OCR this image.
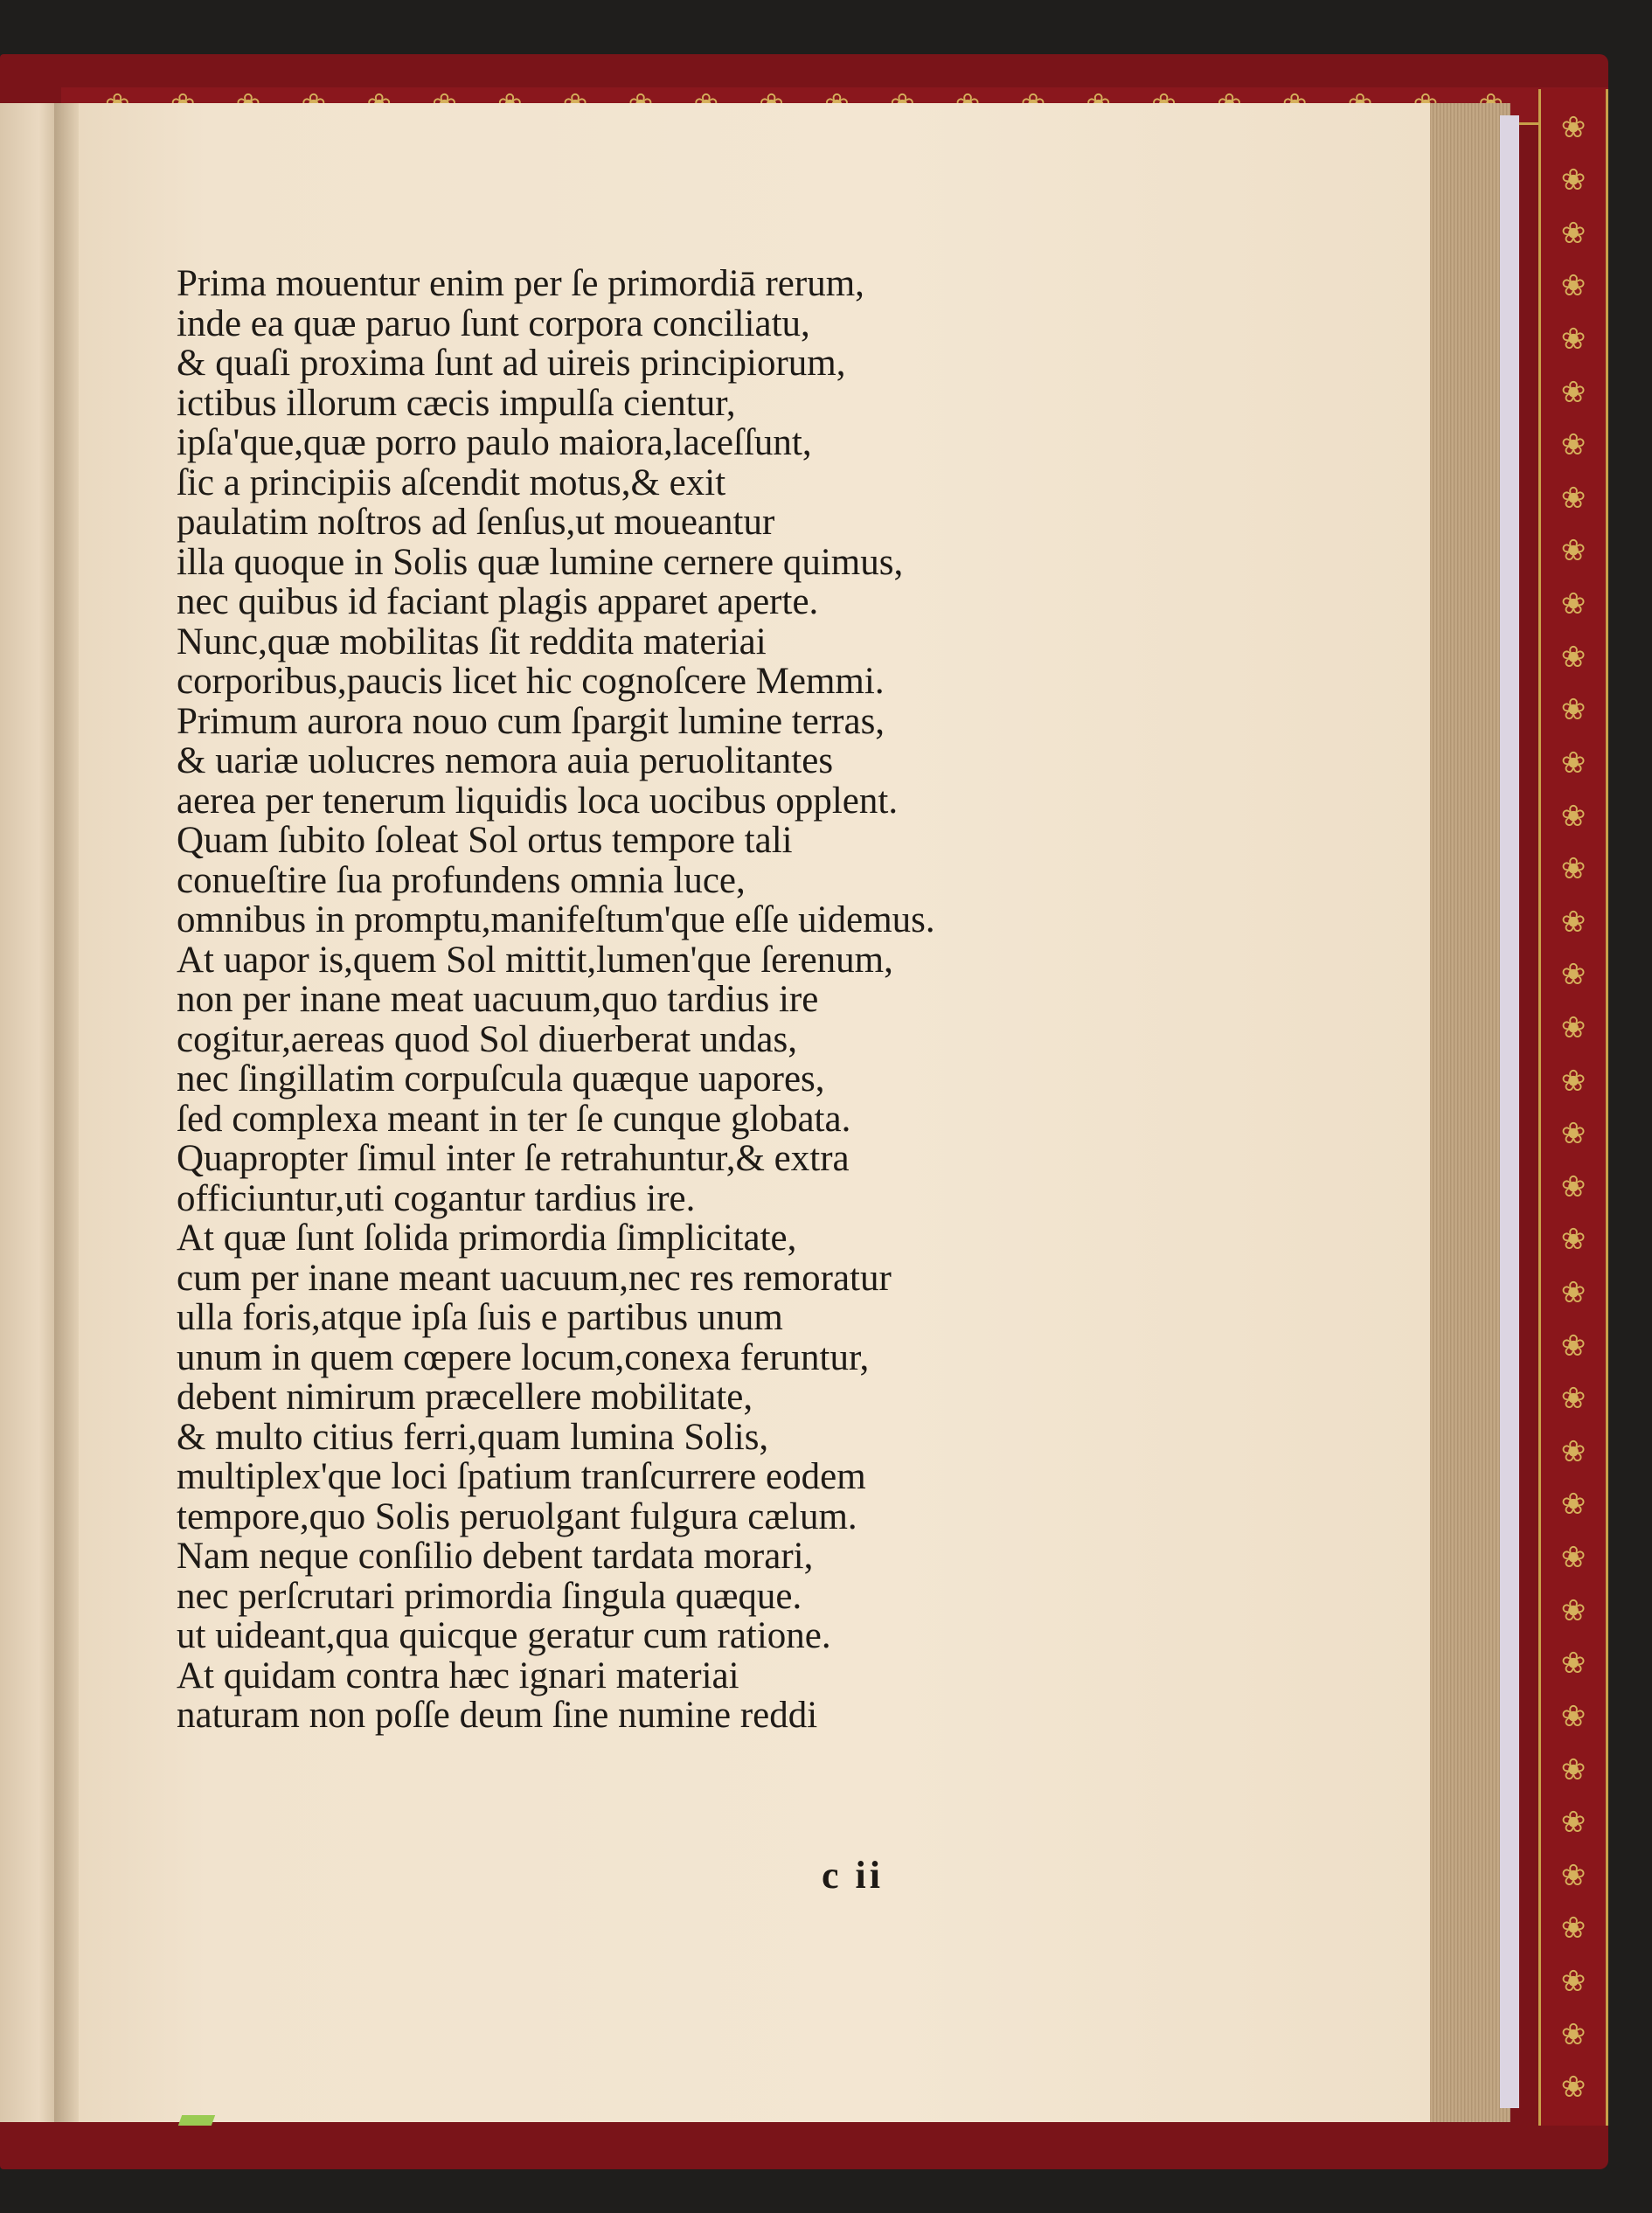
❀
❀
❀
❀
❀
❀
❀
❀
❀
❀
❀
❀
❀
❀
❀
❀
❀
❀
❀
❀
❀
❀
❀
❀
❀
❀
❀
❀
❀
❀
❀
❀
❀
❀
❀
❀
❀
❀
Prima mouentur enim per ſe primordiā rerum,
inde ea quæ paruo ſunt corpora conciliatu,
& quaſi proxima ſunt ad uireis principiorum,
ictibus illorum cæcis impulſa cientur,
ipſa'que,quæ porro paulo maiora,laceſſunt,
ſic a principiis aſcendit motus,& exit
paulatim noſtros ad ſenſus,ut moueantur
illa quoque in Solis quæ lumine cernere quimus,
nec quibus id faciant plagis apparet aperte.
Nunc,quæ mobilitas ſit reddita materiai
corporibus,paucis licet hic cognoſcere Memmi.
Primum aurora nouo cum ſpargit lumine terras,
& uariæ uolucres nemora auia peruolitantes
aerea per tenerum liquidis loca uocibus opplent.
Quam ſubito ſoleat Sol ortus tempore tali
conueſtire ſua profundens omnia luce,
omnibus in promptu,manifeſtum'que eſſe uidemus.
At uapor is,quem Sol mittit,lumen'que ſerenum,
non per inane meat uacuum,quo tardius ire
cogitur,aereas quod Sol diuerberat undas,
nec ſingillatim corpuſcula quæque uapores,
ſed complexa meant in ter ſe cunque globata.
Quapropter ſimul inter ſe retrahuntur,& extra
officiuntur,uti cogantur tardius ire.
At quæ ſunt ſolida primordia ſimplicitate,
cum per inane meant uacuum,nec res remoratur
ulla foris,atque ipſa ſuis e partibus unum
unum in quem cœpere locum,conexa feruntur,
debent nimirum præcellere mobilitate,
& multo citius ferri,quam lumina Solis,
multiplex'que loci ſpatium tranſcurrere eodem
tempore,quo Solis peruolgant fulgura cælum.
Nam neque conſilio debent tardata morari,
nec perſcrutari primordia ſingula quæque.
ut uideant,qua quicque geratur cum ratione.
At quidam contra hæc ignari materiai
naturam non poſſe deum ſine numine reddi
c ii
